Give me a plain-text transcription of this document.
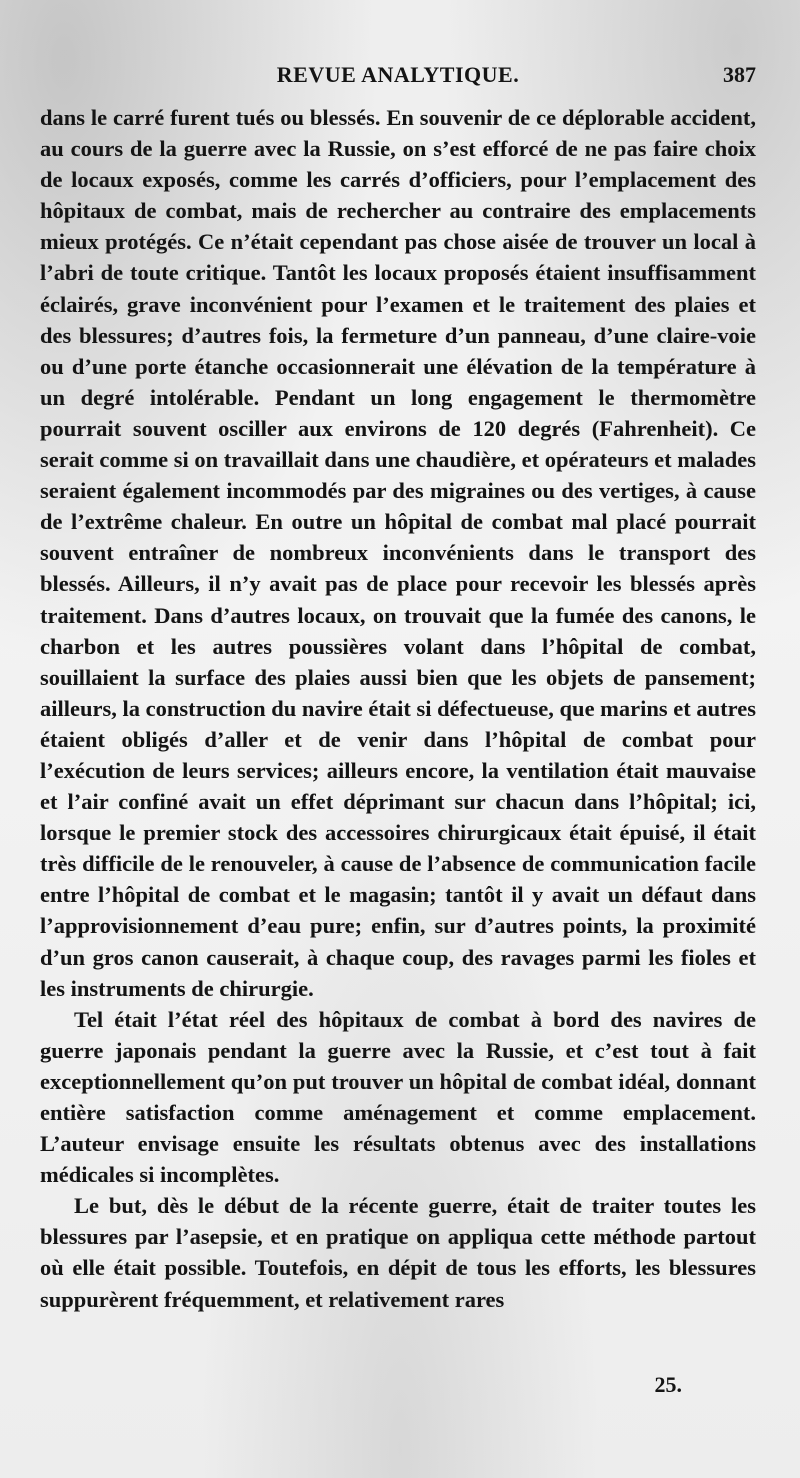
REVUE ANALYTIQUE.	387

dans le carré furent tués ou blessés. En souvenir de ce déplorable accident, au cours de la guerre avec la Russie, on s’est efforcé de ne pas faire choix de locaux exposés, comme les carrés d’officiers, pour l’emplacement des hôpitaux de combat, mais de rechercher au contraire des emplacements mieux protégés. Ce n’était cependant pas chose aisée de trouver un local à l’abri de toute critique. Tantôt les locaux proposés étaient insuffisamment éclairés, grave inconvénient pour l’examen et le traitement des plaies et des blessures; d’autres fois, la fermeture d’un panneau, d’une claire-voie ou d’une porte étanche occasionnerait une élévation de la température à un degré intolérable. Pendant un long engagement le thermomètre pourrait souvent osciller aux environs de 120 degrés (Fahrenheit). Ce serait comme si on travaillait dans une chaudière, et opérateurs et malades seraient également incommodés par des migraines ou des vertiges, à cause de l’extrême chaleur. En outre un hôpital de combat mal placé pourrait souvent entraîner de nombreux inconvénients dans le transport des blessés. Ailleurs, il n’y avait pas de place pour recevoir les blessés après traitement. Dans d’autres locaux, on trouvait que la fumée des canons, le charbon et les autres poussières volant dans l’hôpital de combat, souillaient la surface des plaies aussi bien que les objets de pansement; ailleurs, la construction du navire était si défectueuse, que marins et autres étaient obligés d’aller et de venir dans l’hôpital de combat pour l’exécution de leurs services; ailleurs encore, la ventilation était mauvaise et l’air confiné avait un effet déprimant sur chacun dans l’hôpital; ici, lorsque le premier stock des accessoires chirurgicaux était épuisé, il était très difficile de le renouveler, à cause de l’absence de communication facile entre l’hôpital de combat et le magasin; tantôt il y avait un défaut dans l’approvisionnement d’eau pure; enfin, sur d’autres points, la proximité d’un gros canon causerait, à chaque coup, des ravages parmi les fioles et les instruments de chirurgie.

Tel était l’état réel des hôpitaux de combat à bord des navires de guerre japonais pendant la guerre avec la Russie, et c’est tout à fait exceptionnellement qu’on put trouver un hôpital de combat idéal, donnant entière satisfaction comme aménagement et comme emplacement. L’auteur envisage ensuite les résultats obtenus avec des installations médicales si incomplètes.

Le but, dès le début de la récente guerre, était de traiter toutes les blessures par l’asepsie, et en pratique on appliqua cette méthode partout où elle était possible. Toutefois, en dépit de tous les efforts, les blessures suppurèrent fréquemment, et relativement rares

25.
